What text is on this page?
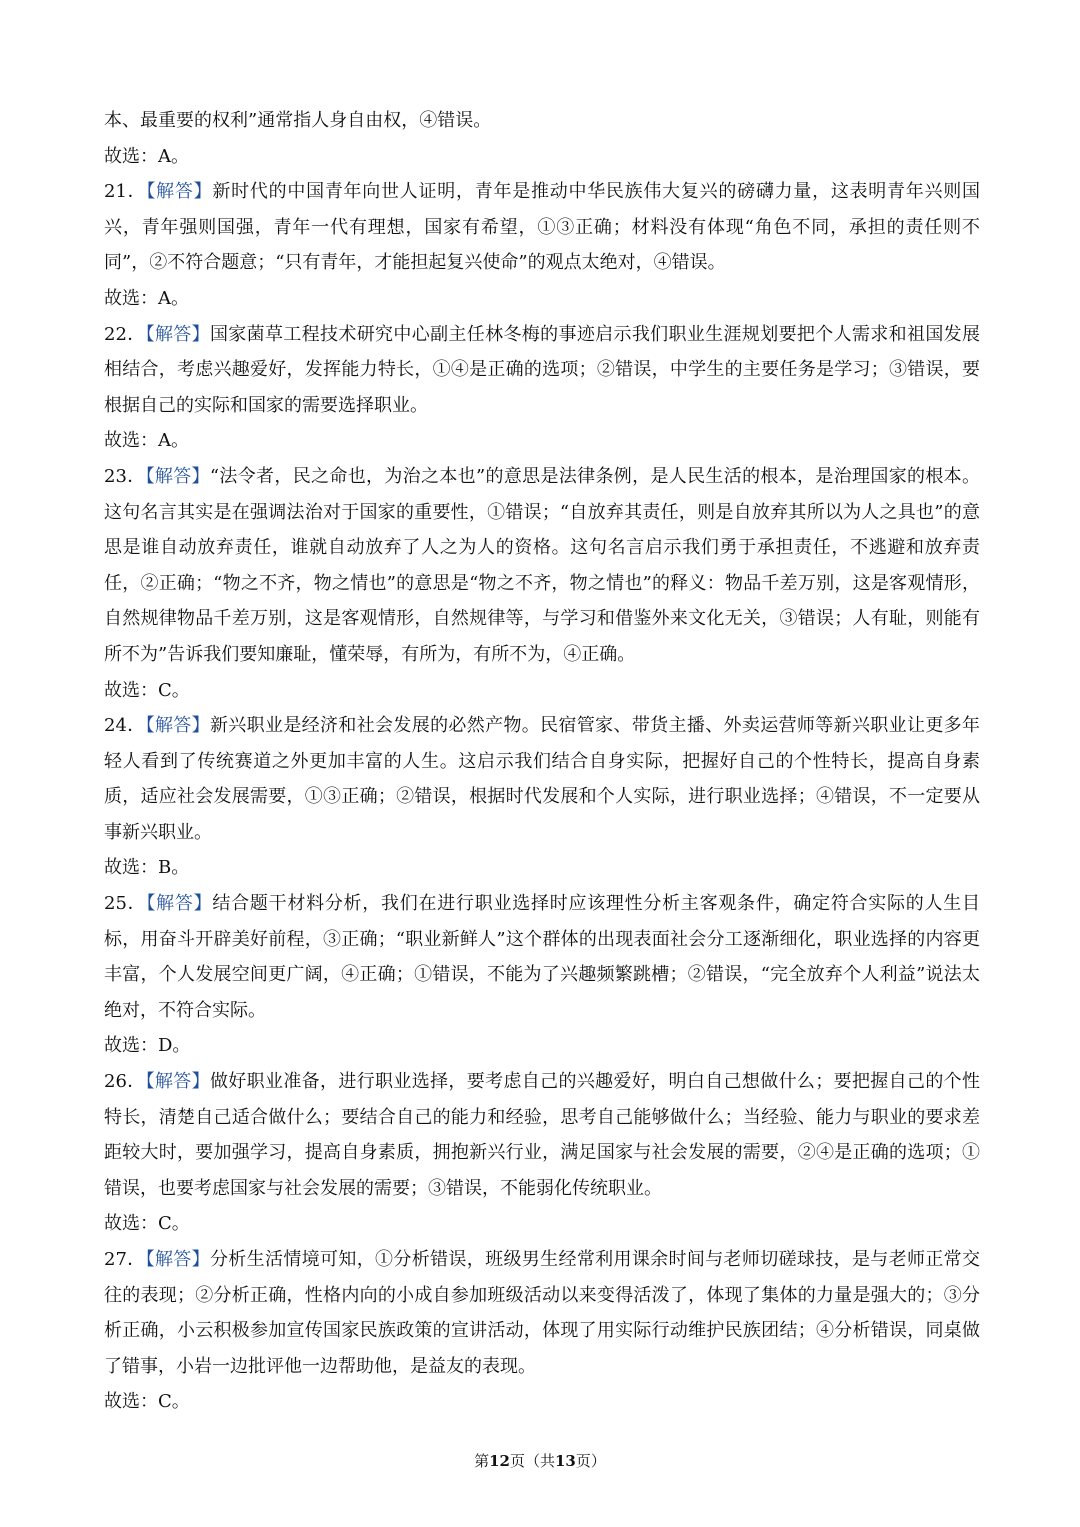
本、最重要的权利”通常指人身自由权，④错误。

故选：A。

21．【解答】新时代的中国青年向世人证明，青年是推动中华民族伟大复兴的磅礴力量，这表明青年兴则国兴，青年强则国强，青年一代有理想，国家有希望，①③正确；材料没有体现“角色不同，承担的责任则不同”，②不符合题意；“只有青年，才能担起复兴使命”的观点太绝对，④错误。

故选：A。

22．【解答】国家菌草工程技术研究中心副主任林冬梅的事迹启示我们职业生涯规划要把个人需求和祖国发展相结合，考虑兴趣爱好，发挥能力特长，①④是正确的选项；②错误，中学生的主要任务是学习；③错误，要根据自己的实际和国家的需要选择职业。

故选：A。

23．【解答】“法令者，民之命也，为治之本也”的意思是法律条例，是人民生活的根本，是治理国家的根本。这句名言其实是在强调法治对于国家的重要性，①错误；“自放弃其责任，则是自放弃其所以为人之具也”的意思是谁自动放弃责任，谁就自动放弃了人之为人的资格。这句名言启示我们勇于承担责任，不逃避和放弃责任，②正确；“物之不齐，物之情也”的意思是“物之不齐，物之情也”的释义：物品千差万别，这是客观情形，自然规律物品千差万别，这是客观情形，自然规律等，与学习和借鉴外来文化无关，③错误；人有耻，则能有所不为”告诉我们要知廉耻，懂荣辱，有所为，有所不为，④正确。

故选：C。

24．【解答】新兴职业是经济和社会发展的必然产物。民宿管家、带货主播、外卖运营师等新兴职业让更多年轻人看到了传统赛道之外更加丰富的人生。这启示我们结合自身实际，把握好自己的个性特长，提高自身素质，适应社会发展需要，①③正确；②错误，根据时代发展和个人实际，进行职业选择；④错误，不一定要从事新兴职业。

故选：B。

25．【解答】结合题干材料分析，我们在进行职业选择时应该理性分析主客观条件，确定符合实际的人生目标，用奋斗开辟美好前程，③正确；“职业新鲜人”这个群体的出现表面社会分工逐渐细化，职业选择的内容更丰富，个人发展空间更广阔，④正确；①错误，不能为了兴趣频繁跳槽；②错误，“完全放弃个人利益”说法太绝对，不符合实际。

故选：D。

26．【解答】做好职业准备，进行职业选择，要考虑自己的兴趣爱好，明白自己想做什么；要把握自己的个性特长，清楚自己适合做什么；要结合自己的能力和经验，思考自己能够做什么；当经验、能力与职业的要求差距较大时，要加强学习，提高自身素质，拥抱新兴行业，满足国家与社会发展的需要，②④是正确的选项；①错误，也要考虑国家与社会发展的需要；③错误，不能弱化传统职业。

故选：C。

27．【解答】分析生活情境可知，①分析错误，班级男生经常利用课余时间与老师切磋球技，是与老师正常交往的表现；②分析正确，性格内向的小成自参加班级活动以来变得活泼了，体现了集体的力量是强大的；③分析正确，小云积极参加宣传国家民族政策的宣讲活动，体现了用实际行动维护民族团结；④分析错误，同桌做了错事，小岩一边批评他一边帮助他，是益友的表现。

故选：C。

第12页（共13页）
